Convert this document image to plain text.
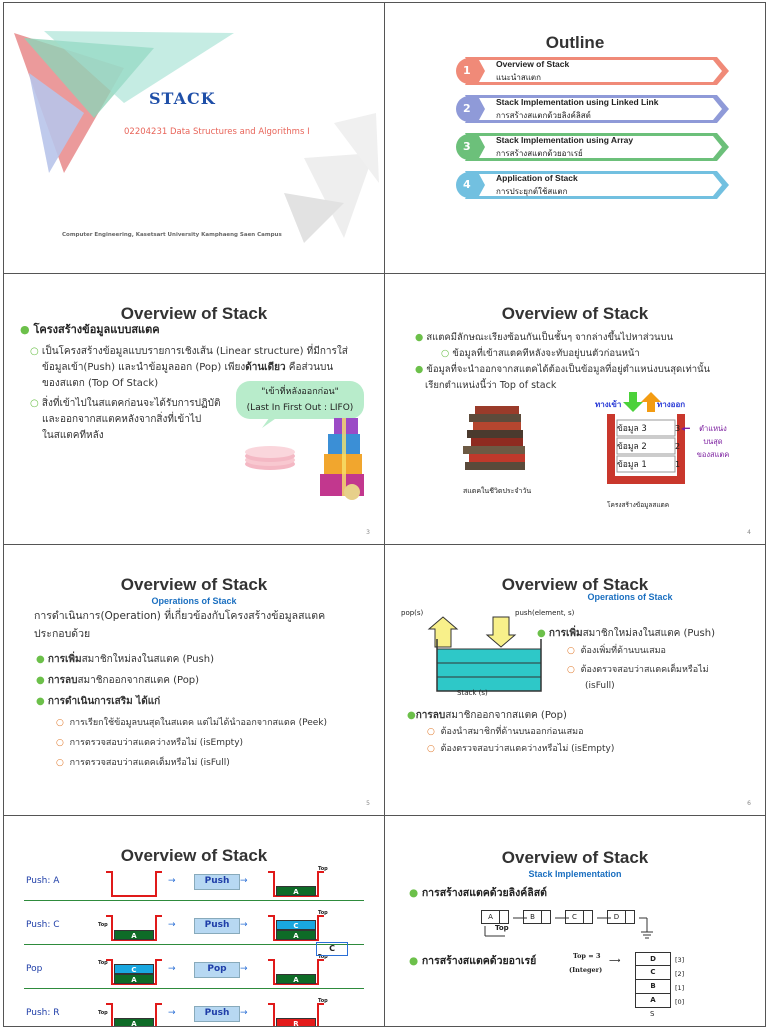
STACK
02204231 Data Structures and Algorithms I
Computer Engineering, Kasetsart University Kamphaeng Saen Campus
Outline
1	Overview of Stack
แนะนำสแตก
2	Stack Implementation using Linked Link
การสร้างสแตกด้วยลิงค์ลิสต์
3	Stack Implementation using Array
การสร้างสแตกด้วยอาเรย์
4	Application of Stack
การประยุกต์ใช้สแตก
Overview of Stack
● โครงสร้างข้อมูลแบบสแตค
○ เป็นโครงสร้างข้อมูลแบบรายการเชิงเส้น (Linear structure) ที่มีการใส่
ข้อมูลเข้า(Push) และนำข้อมูลออก (Pop) เพียงด้านเดียว คือส่วนบน
ของสแตก (Top Of Stack)
○ สิ่งที่เข้าไปในสแตคก่อนจะได้รับการปฏิบัติ
และออกจากสแตคหลังจากสิ่งที่เข้าไป
ในสแตคทีหลัง
"เข้าที่หลังออกก่อน"
(Last In First Out : LIFO)
3
Overview of Stack
● สแตคมีลักษณะเรียงซ้อนกันเป็นชั้นๆ จากล่างขึ้นไปหาส่วนบน
○ ข้อมูลที่เข้าสแตคทีหลังจะทับอยู่บนตัวก่อนหน้า
● ข้อมูลที่จะนำออกจากสแตคได้ต้องเป็นข้อมูลที่อยู่ตำแหน่งบนสุดเท่านั้น
เรียกตำแหน่งนี้ว่า Top of stack
สแตคในชีวิตประจำวัน
ทางเข้า	ทางออก
ข้อมูล 3
ข้อมูล 2
ข้อมูล 1
3
2
1
◂━	ตำแหน่ง
บนสุด
ของสแตค
โครงสร้างข้อมูลสแตค
4
Overview of Stack
Operations of Stack
การดำเนินการ(Operation) ที่เกี่ยวข้องกับโครงสร้างข้อมูลสแตค
ประกอบด้วย
● การเพิ่มสมาชิกใหม่ลงในสแตค (Push)
● การลบสมาชิกออกจากสแตค (Pop)
● การดำเนินการเสริม ได้แก่
○ การเรียกใช้ข้อมูลบนสุดในสแตค แต่ไม่ได้นำออกจากสแตค (Peek)
○ การตรวจสอบว่าสแตคว่างหรือไม่ (isEmpty)
○ การตรวจสอบว่าสแตคเต็มหรือไม่ (isFull)
5
Overview of Stack
Operations of Stack
pop(s)	push(element, s)
Stack (s)
● การเพิ่มสมาชิกใหม่ลงในสแตค (Push)
○ ต้องเพิ่มที่ด้านบนเสมอ
○ ต้องตรวจสอบว่าสแตคเต็มหรือไม่
(isFull)
●การลบสมาชิกออกจากสแตค (Pop)
○ ต้องนำสมาชิกที่ด้านบนออกก่อนเสมอ
○ ต้องตรวจสอบว่าสแตคว่างหรือไม่ (isEmpty)
6
Overview of Stack
Push: A	Push
→	→
A
Top
Push: C
A
Push
→	→
A
C
Top
Top
Pop
A
C	Pop
→	→
A
Top
Top
C
Push: R
A
Push
→	→
R
Top
Top
Overview of Stack
Stack Implementation
● การสร้างสแตคด้วยลิงค์ลิสต์
A	B	C	D
Top
● การสร้างสแตคด้วยอาเรย์	Top = 3
(Integer)
⟶	D
C
B
A
[3]
[2]
[1]
[0]
S
